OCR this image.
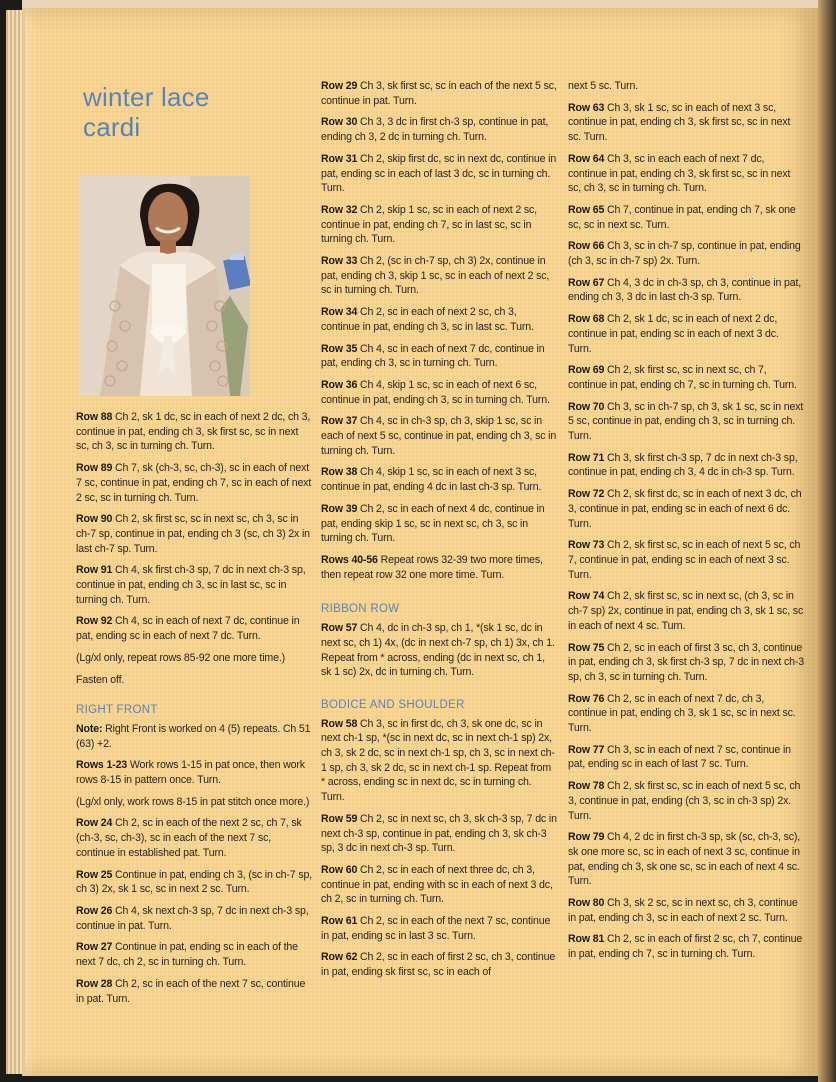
winter lace
cardi

Row 88 Ch 2, sk 1 dc, sc in each of next 2 dc, ch 3, continue in pat, ending ch 3, sk first sc, sc in next sc, ch 3, sc in turning ch. Turn.

Row 89 Ch 7, sk (ch-3, sc, ch-3), sc in each of next 7 sc, continue in pat, ending ch 7, sc in each of next 2 sc, sc in turning ch. Turn.

Row 90 Ch 2, sk first sc, sc in next sc, ch 3, sc in ch-7 sp, continue in pat, ending ch 3 (sc, ch 3) 2x in last ch-7 sp. Turn.

Row 91 Ch 4, sk first ch-3 sp, 7 dc in next ch-3 sp, continue in pat, ending ch 3, sc in last sc, sc in turning ch. Turn.

Row 92 Ch 4, sc in each of next 7 dc, continue in pat, ending sc in each of next 7 dc. Turn.

(Lg/xl only, repeat rows 85-92 one more time.)

Fasten off.

RIGHT FRONT

Note: Right Front is worked on 4 (5) repeats. Ch 51 (63) +2.

Rows 1-23 Work rows 1-15 in pat once, then work rows 8-15 in pattern once. Turn.

(Lg/xl only, work rows 8-15 in pat stitch once more.)

Row 24 Ch 2, sc in each of the next 2 sc, ch 7, sk (ch-3, sc, ch-3), sc in each of the next 7 sc, continue in established pat. Turn.

Row 25 Continue in pat, ending ch 3, (sc in ch-7 sp, ch 3) 2x, sk 1 sc, sc in next 2 sc. Turn.

Row 26 Ch 4, sk next ch-3 sp, 7 dc in next ch-3 sp, continue in pat. Turn.

Row 27 Continue in pat, ending sc in each of the next 7 dc, ch 2, sc in turning ch. Turn.

Row 28 Ch 2, sc in each of the next 7 sc, continue in pat. Turn.

Row 29 Ch 3, sk first sc, sc in each of the next 5 sc, continue in pat. Turn.

Row 30 Ch 3, 3 dc in first ch-3 sp, continue in pat, ending ch 3, 2 dc in turning ch. Turn.

Row 31 Ch 2, skip first dc, sc in next dc, continue in pat, ending sc in each of last 3 dc, sc in turning ch. Turn.

Row 32 Ch 2, skip 1 sc, sc in each of next 2 sc, continue in pat, ending ch 7, sc in last sc, sc in turning ch. Turn.

Row 33 Ch 2, (sc in ch-7 sp, ch 3) 2x, continue in pat, ending ch 3, skip 1 sc, sc in each of next 2 sc, sc in turning ch. Turn.

Row 34 Ch 2, sc in each of next 2 sc, ch 3, continue in pat, ending ch 3, sc in last sc. Turn.

Row 35 Ch 4, sc in each of next 7 dc, continue in pat, ending ch 3, sc in turning ch. Turn.

Row 36 Ch 4, skip 1 sc, sc in each of next 6 sc, continue in pat, ending ch 3, sc in turning ch. Turn.

Row 37 Ch 4, sc in ch-3 sp, ch 3, skip 1 sc, sc in each of next 5 sc, continue in pat, ending ch 3, sc in turning ch. Turn.

Row 38 Ch 4, skip 1 sc, sc in each of next 3 sc, continue in pat, ending 4 dc in last ch-3 sp. Turn.

Row 39 Ch 2, sc in each of next 4 dc, continue in pat, ending skip 1 sc, sc in next sc, ch 3, sc in turning ch. Turn.

Rows 40-56 Repeat rows 32-39 two more times, then repeat row 32 one more time. Turn.

RIBBON ROW

Row 57 Ch 4, dc in ch-3 sp, ch 1, *(sk 1 sc, dc in next sc, ch 1) 4x, (dc in next ch-7 sp, ch 1) 3x, ch 1. Repeat from * across, ending (dc in next sc, ch 1, sk 1 sc) 2x, dc in turning ch. Turn.

BODICE AND SHOULDER

Row 58 Ch 3, sc in first dc, ch 3, sk one dc, sc in next ch-1 sp, *(sc in next dc, sc in next ch-1 sp) 2x, ch 3, sk 2 dc, sc in next ch-1 sp, ch 3, sc in next ch-1 sp, ch 3, sk 2 dc, sc in next ch-1 sp. Repeat from * across, ending sc in next dc, sc in turning ch. Turn.

Row 59 Ch 2, sc in next sc, ch 3, sk ch-3 sp, 7 dc in next ch-3 sp, continue in pat, ending ch 3, sk ch-3 sp, 3 dc in next ch-3 sp. Turn.

Row 60 Ch 2, sc in each of next three dc, ch 3, continue in pat, ending with sc in each of next 3 dc, ch 2, sc in turning ch. Turn.

Row 61 Ch 2, sc in each of the next 7 sc, continue in pat, ending sc in last 3 sc. Turn.

Row 62 Ch 2, sc in each of first 2 sc, ch 3, continue in pat, ending sk first sc, sc in each of

next 5 sc. Turn.

Row 63 Ch 3, sk 1 sc, sc in each of next 3 sc, continue in pat, ending ch 3, sk first sc, sc in next sc. Turn.

Row 64 Ch 3, sc in each each of next 7 dc, continue in pat, ending ch 3, sk first sc, sc in next sc, ch 3, sc in turning ch. Turn.

Row 65 Ch 7, continue in pat, ending ch 7, sk one sc, sc in next sc. Turn.

Row 66 Ch 3, sc in ch-7 sp, continue in pat, ending (ch 3, sc in ch-7 sp) 2x. Turn.

Row 67 Ch 4, 3 dc in ch-3 sp, ch 3, continue in pat, ending ch 3, 3 dc in last ch-3 sp. Turn.

Row 68 Ch 2, sk 1 dc, sc in each of next 2 dc, continue in pat, ending sc in each of next 3 dc. Turn.

Row 69 Ch 2, sk first sc, sc in next sc, ch 7, continue in pat, ending ch 7, sc in turning ch. Turn.

Row 70 Ch 3, sc in ch-7 sp, ch 3, sk 1 sc, sc in next 5 sc, continue in pat, ending ch 3, sc in turning ch. Turn.

Row 71 Ch 3, sk first ch-3 sp, 7 dc in next ch-3 sp, continue in pat, ending ch 3, 4 dc in ch-3 sp. Turn.

Row 72 Ch 2, sk first dc, sc in each of next 3 dc, ch 3, continue in pat, ending sc in each of next 6 dc. Turn.

Row 73 Ch 2, sk first sc, sc in each of next 5 sc, ch 7, continue in pat, ending sc in each of next 3 sc. Turn.

Row 74 Ch 2, sk first sc, sc in next sc, (ch 3, sc in ch-7 sp) 2x, continue in pat, ending ch 3, sk 1 sc, sc in each of next 4 sc. Turn.

Row 75 Ch 2, sc in each of first 3 sc, ch 3, continue in pat, ending ch 3, sk first ch-3 sp, 7 dc in next ch-3 sp, ch 3, sc in turning ch. Turn.

Row 76 Ch 2, sc in each of next 7 dc, ch 3, continue in pat, ending ch 3, sk 1 sc, sc in next sc. Turn.

Row 77 Ch 3, sc in each of next 7 sc, continue in pat, ending sc in each of last 7 sc. Turn.

Row 78 Ch 2, sk first sc, sc in each of next 5 sc, ch 3, continue in pat, ending (ch 3, sc in ch-3 sp) 2x. Turn.

Row 79 Ch 4, 2 dc in first ch-3 sp, sk (sc, ch-3, sc), sk one more sc, sc in each of next 3 sc, continue in pat, ending ch 3, sk one sc, sc in each of next 4 sc. Turn.

Row 80 Ch 3, sk 2 sc, sc in next sc, ch 3, continue in pat, ending ch 3, sc in each of next 2 sc. Turn.

Row 81 Ch 2, sc in each of first 2 sc, ch 7, continue in pat, ending ch 7, sc in turning ch. Turn.
